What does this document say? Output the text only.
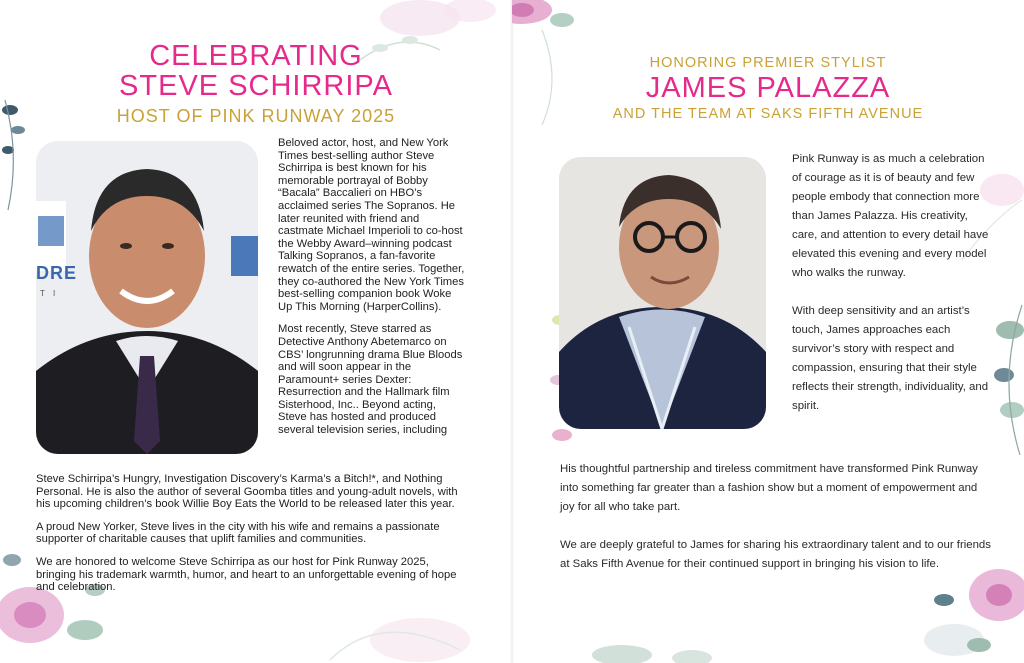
CELEBRATING
STEVE SCHIRRIPA
HOST OF PINK RUNWAY 2025
DRE
T I

Beloved actor, host, and New York Times best-selling author Steve Schirripa is best known for his memorable portrayal of Bobby “Bacala” Baccalieri on HBO’s acclaimed series The Sopranos. He later reunited with friend and castmate Michael Imperioli to co-host the Webby Award–winning podcast Talking Sopranos, a fan-favorite rewatch of the entire series. Together, they co-authored the New York Times best-selling companion book Woke Up This Morning (HarperCollins).

Most recently, Steve starred as Detective Anthony Abetemarco on CBS’ longrunning drama Blue Bloods and will soon appear in the Paramount+ series Dexter: Resurrection and the Hallmark film Sisterhood, Inc.. Beyond acting, Steve has hosted and produced several television series, including

Steve Schirripa’s Hungry, Investigation Discovery’s Karma’s a Bitch!*, and Nothing Personal. He is also the author of several Goomba titles and young-adult novels, with his upcoming children’s book Willie Boy Eats the World to be released later this year.

A proud New Yorker, Steve lives in the city with his wife and remains a passionate supporter of charitable causes that uplift families and communities.

We are honored to welcome Steve Schirripa as our host for Pink Runway 2025, bringing his trademark warmth, humor, and heart to an unforgettable evening of hope and celebration.

HONORING PREMIER STYLIST
JAMES PALAZZA
AND THE TEAM AT SAKS FIFTH AVENUE

Pink Runway is as much a celebration of courage as it is of beauty and few people embody that connection more than James Palazza. His creativity, care, and attention to every detail have elevated this evening and every model who walks the runway.

With deep sensitivity and an artist’s touch, James approaches each survivor’s story with respect and compassion, ensuring that their style reflects their strength, individuality, and spirit.

His thoughtful partnership and tireless commitment have transformed Pink Runway into something far greater than a fashion show but a moment of empowerment and joy for all who take part.

We are deeply grateful to James for sharing his extraordinary talent and to our friends at Saks Fifth Avenue for their continued support in bringing his vision to life.
